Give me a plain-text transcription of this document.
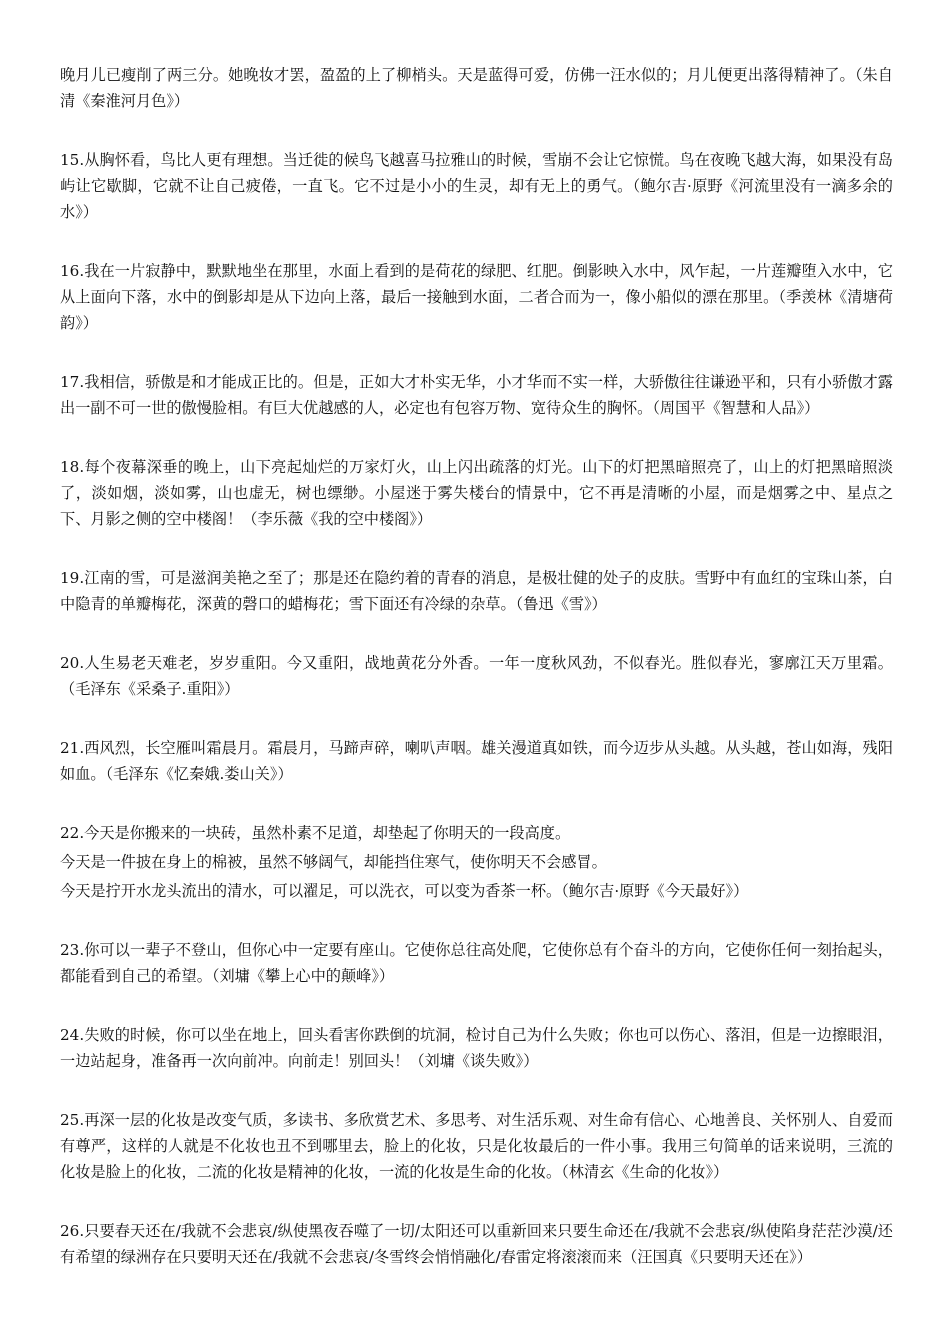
晚月儿已瘦削了两三分。她晚妆才罢，盈盈的上了柳梢头。天是蓝得可爱，仿佛一汪水似的；月儿便更出落得精神了。（朱自清《秦淮河月色》）

15.从胸怀看，鸟比人更有理想。当迁徙的候鸟飞越喜马拉雅山的时候，雪崩不会让它惊慌。鸟在夜晚飞越大海，如果没有岛屿让它歇脚，它就不让自己疲倦，一直飞。它不过是小小的生灵，却有无上的勇气。（鲍尔吉·原野《河流里没有一滴多余的水》）

16.我在一片寂静中，默默地坐在那里，水面上看到的是荷花的绿肥、红肥。倒影映入水中，风乍起，一片莲瓣堕入水中，它从上面向下落，水中的倒影却是从下边向上落，最后一接触到水面，二者合而为一，像小船似的漂在那里。（季羡林《清塘荷韵》）

17.我相信，骄傲是和才能成正比的。但是，正如大才朴实无华，小才华而不实一样，大骄傲往往谦逊平和，只有小骄傲才露出一副不可一世的傲慢脸相。有巨大优越感的人，必定也有包容万物、宽待众生的胸怀。（周国平《智慧和人品》）

18.每个夜幕深垂的晚上，山下亮起灿烂的万家灯火，山上闪出疏落的灯光。山下的灯把黑暗照亮了，山上的灯把黑暗照淡了，淡如烟，淡如雾，山也虚无，树也缥缈。小屋迷于雾失楼台的情景中，它不再是清晰的小屋，而是烟雾之中、星点之下、月影之侧的空中楼阁！（李乐薇《我的空中楼阁》）

19.江南的雪，可是滋润美艳之至了；那是还在隐约着的青春的消息，是极壮健的处子的皮肤。雪野中有血红的宝珠山茶，白中隐青的单瓣梅花，深黄的磬口的蜡梅花；雪下面还有冷绿的杂草。（鲁迅《雪》）

20.人生易老天难老，岁岁重阳。今又重阳，战地黄花分外香。一年一度秋风劲，不似春光。胜似春光，寥廓江天万里霜。（毛泽东《采桑子.重阳》）

21.西风烈，长空雁叫霜晨月。霜晨月，马蹄声碎，喇叭声咽。雄关漫道真如铁，而今迈步从头越。从头越，苍山如海，残阳如血。（毛泽东《忆秦娥.娄山关》）

22.今天是你搬来的一块砖，虽然朴素不足道，却垫起了你明天的一段高度。
今天是一件披在身上的棉被，虽然不够阔气，却能挡住寒气，使你明天不会感冒。
今天是拧开水龙头流出的清水，可以濯足，可以洗衣，可以变为香茶一杯。（鲍尔吉·原野《今天最好》）

23.你可以一辈子不登山，但你心中一定要有座山。它使你总往高处爬，它使你总有个奋斗的方向，它使你任何一刻抬起头，都能看到自己的希望。（刘墉《攀上心中的颠峰》）

24.失败的时候，你可以坐在地上，回头看害你跌倒的坑洞，检讨自己为什么失败；你也可以伤心、落泪，但是一边擦眼泪，一边站起身，准备再一次向前冲。向前走！别回头！（刘墉《谈失败》）

25.再深一层的化妆是改变气质，多读书、多欣赏艺术、多思考、对生活乐观、对生命有信心、心地善良、关怀别人、自爱而有尊严，这样的人就是不化妆也丑不到哪里去，脸上的化妆，只是化妆最后的一件小事。我用三句简单的话来说明，三流的化妆是脸上的化妆，二流的化妆是精神的化妆，一流的化妆是生命的化妆。（林清玄《生命的化妆》）

26.只要春天还在/我就不会悲哀/纵使黑夜吞噬了一切/太阳还可以重新回来只要生命还在/我就不会悲哀/纵使陷身茫茫沙漠/还有希望的绿洲存在只要明天还在/我就不会悲哀/冬雪终会悄悄融化/春雷定将滚滚而来（汪国真《只要明天还在》）
